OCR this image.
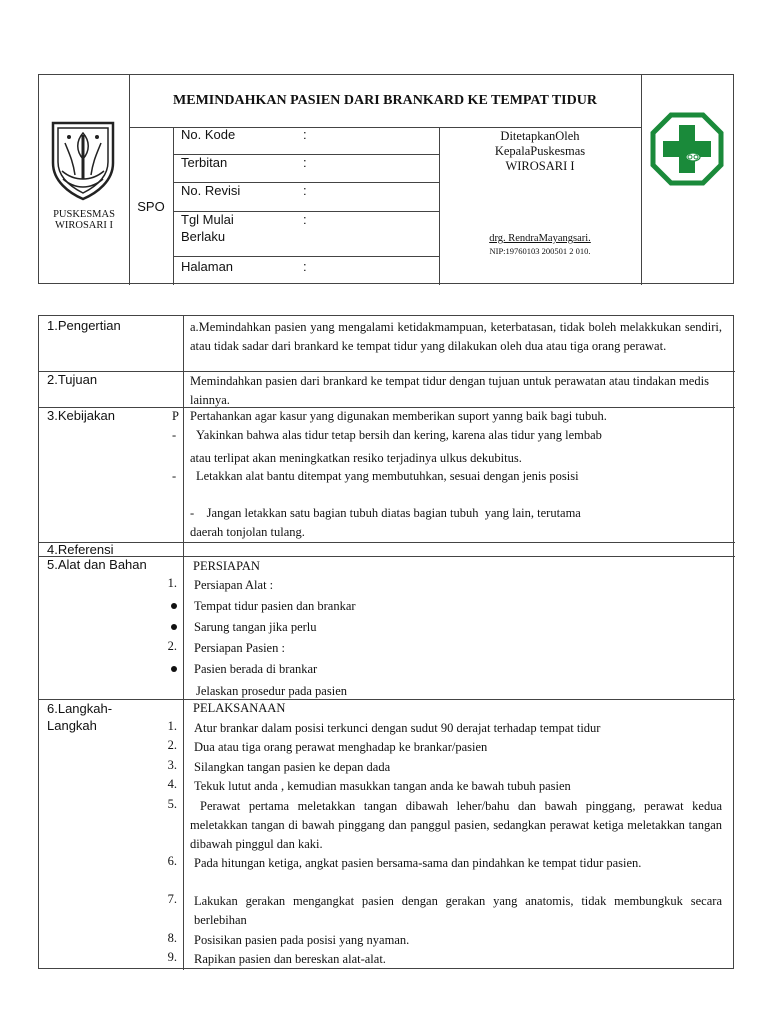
PUSKESMAS
WIROSARI I
MEMINDAHKAN PASIEN DARI BRANKARD KE TEMPAT TIDUR
SPO
No. Kode	:
Terbitan	:
No. Revisi	:
Tgl Mulai	:
Berlaku
Halaman	:
DitetapkanOleh
KepalaPuskesmas
WIROSARI I
drg. RendraMayangsari.
NIP:19760103 200501 2 010.
1.Pengertian	a.Memindahkan pasien yang mengalami ketidakmampuan, keterbatasan, tidak boleh melakkukan sendiri, atau tidak sadar dari brankard ke tempat tidur yang dilakukan oleh dua atau tiga orang perawat.
2.Tujuan	Memindahkan pasien dari brankard ke tempat tidur dengan tujuan untuk perawatan atau tindakan medis lainnya.
3.Kebijakan	P Pertahankan agar kasur yang digunakan memberikan suport yanng baik bagi tubuh.
- Yakinkan bahwa alas tidur tetap bersih dan kering, karena alas tidur yang lembab
atau terlipat akan meningkatkan resiko terjadinya ulkus dekubitus.
- Letakkan alat bantu ditempat yang membutuhkan, sesuai dengan jenis posisi
-    Jangan letakkan satu bagian tubuh diatas bagian tubuh  yang lain, terutama
daerah tonjolan tulang.
4.Referensi
5.Alat dan Bahan	PERSIAPAN
1. Persiapan Alat :
Tempat tidur pasien dan brankar
Sarung tangan jika perlu
2. Persiapan Pasien :
Pasien berada di brankar
Jelaskan prosedur pada pasien
6.Langkah-
Langkah
PELAKSANAAN
1. Atur brankar dalam posisi terkunci dengan sudut 90 derajat terhadap tempat tidur
2. Dua atau tiga orang perawat menghadap ke brankar/pasien
3. Silangkan tangan pasien ke depan dada
4. Tekuk lutut anda , kemudian masukkan tangan anda ke bawah tubuh pasien
5.	Perawat pertama meletakkan tangan dibawah leher/bahu dan bawah pinggang, perawat kedua meletakkan tangan di bawah pinggang dan panggul pasien, sedangkan perawat ketiga meletakkan tangan dibawah pinggul dan kaki.
6. Pada hitungan ketiga, angkat pasien bersama-sama dan pindahkan ke tempat tidur pasien.
7. Lakukan gerakan mengangkat pasien dengan gerakan yang anatomis, tidak membungkuk secara berlebihan
8. Posisikan pasien pada posisi yang nyaman.
9. Rapikan pasien dan bereskan alat-alat.
